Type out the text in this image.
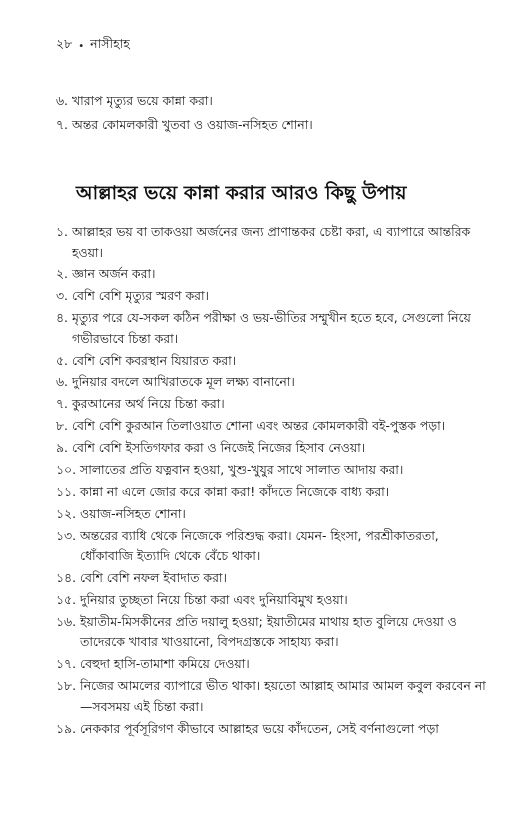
২৮ • নাসীহাহ
৬. খারাপ মৃত্যুর ভয়ে কান্না করা।
৭. অন্তর কোমলকারী খুতবা ও ওয়াজ-নসিহত শোনা।
আল্লাহর ভয়ে কান্না করার আরও কিছু উপায়
১. আল্লাহর ভয় বা তাকওয়া অর্জনের জন্য প্রাণান্তকর চেষ্টা করা, এ ব্যাপারে আন্তরিক হওয়া।
২. জ্ঞান অর্জন করা।
৩. বেশি বেশি মৃত্যুর স্মরণ করা।
৪. মৃত্যুর পরে যে-সকল কঠিন পরীক্ষা ও ভয়-ভীতির সম্মুখীন হতে হবে, সেগুলো নিয়ে গভীরভাবে চিন্তা করা।
৫. বেশি বেশি কবরস্থান যিয়ারত করা।
৬. দুনিয়ার বদলে আখিরাতকে মূল লক্ষ্য বানানো।
৭. কুরআনের অর্থ নিয়ে চিন্তা করা।
৮. বেশি বেশি কুরআন তিলাওয়াত শোনা এবং অন্তর কোমলকারী বই-পুস্তক পড়া।
৯. বেশি বেশি ইসতিগফার করা ও নিজেই নিজের হিসাব নেওয়া।
১০. সালাতের প্রতি যত্নবান হওয়া, খুশু-খুযুর সাথে সালাত আদায় করা।
১১. কান্না না এলে জোর করে কান্না করা! কাঁদতে নিজেকে বাধ্য করা।
১২. ওয়াজ-নসিহত শোনা।
১৩. অন্তরের ব্যাধি থেকে নিজেকে পরিশুদ্ধ করা। যেমন- হিংসা, পরশ্রীকাতরতা, ধোঁকাবাজি ইত্যাদি থেকে বেঁচে থাকা।
১৪. বেশি বেশি নফল ইবাদাত করা।
১৫. দুনিয়ার তুচ্ছতা নিয়ে চিন্তা করা এবং দুনিয়াবিমুখ হওয়া।
১৬. ইয়াতীম-মিসকীনের প্রতি দয়ালু হওয়া; ইয়াতীমের মাথায় হাত বুলিয়ে দেওয়া ও তাদেরকে খাবার খাওয়ানো, বিপদগ্রস্তকে সাহায্য করা।
১৭. বেহুদা হাসি-তামাশা কমিয়ে দেওয়া।
১৮. নিজের আমলের ব্যাপারে ভীত থাকা। হয়তো আল্লাহ আমার আমল কবুল করবেন না—সবসময় এই চিন্তা করা।
১৯. নেককার পূর্বসূরিগণ কীভাবে আল্লাহর ভয়ে কাঁদতেন, সেই বর্ণনাগুলো পড়া
